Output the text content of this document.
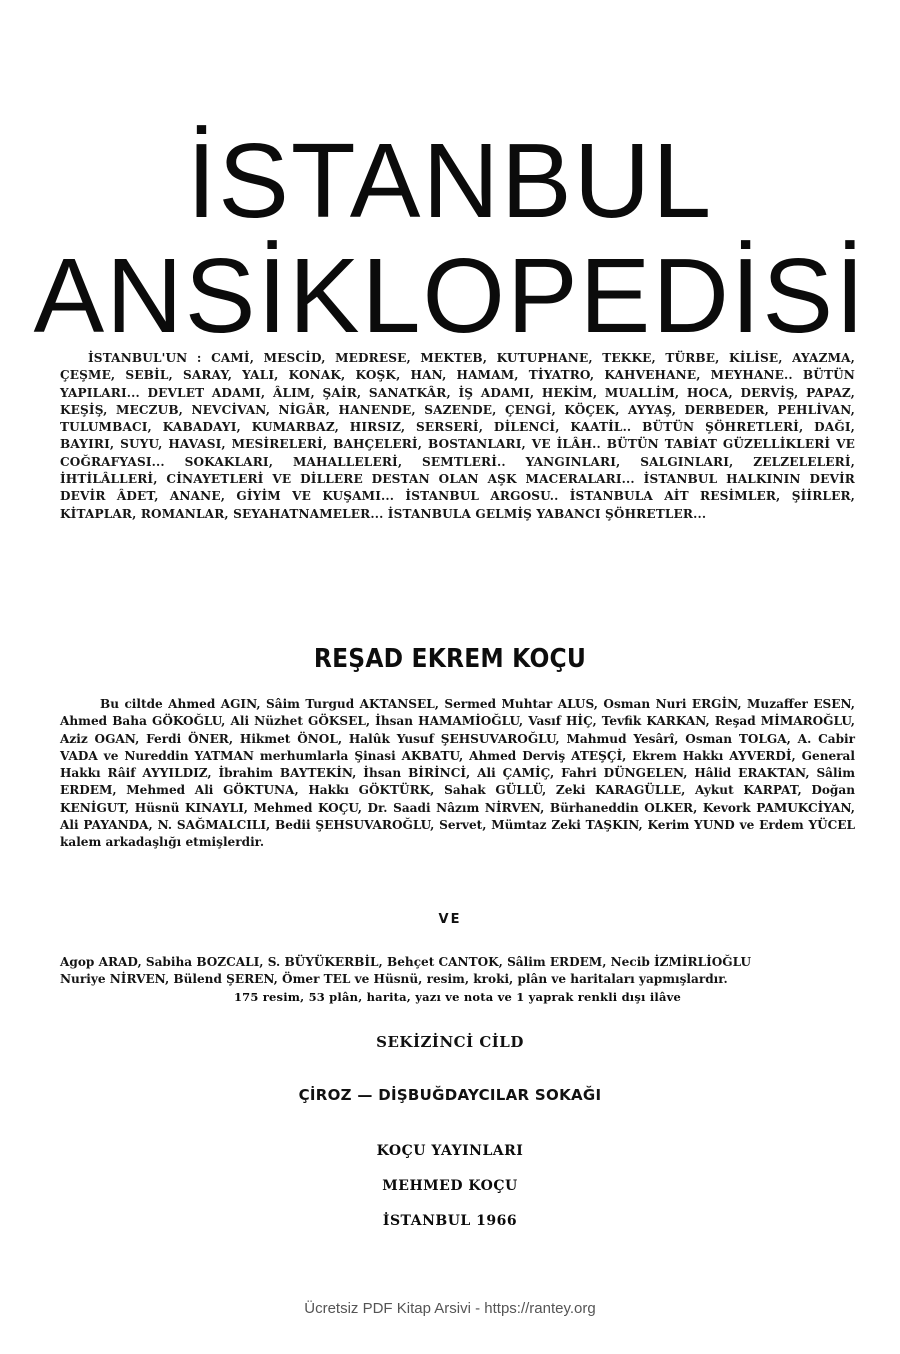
İSTANBUL
ANSİKLOPEDİSİ
İSTANBUL'UN : CAMİ, MESCİD, MEDRESE, MEKTEB, KUTUPHANE, TEKKE, TÜRBE, KİLİSE, AYAZMA, ÇEŞME, SEBİL, SARAY, YALI, KONAK, KOŞK, HAN, HAMAM, TİYATRO, KAHVEHANE, MEYHANE.. BÜTÜN YAPILARI... DEVLET ADAMI, ÂLIM, ŞAİR, SANATKÂR, İŞ ADAMI, HEKİM, MUALLİM, HOCA, DERVİŞ, PAPAZ, KEŞİŞ, MECZUB, NEVCİVAN, NİGÂR, HANENDE, SAZENDE, ÇENGİ, KÖÇEK, AYYAŞ, DERBEDER, PEHLİVAN, TULUMBACI, KABADAYI, KUMARBAZ, HIRSIZ, SERSERİ, DİLENCİ, KAATİL.. BÜTÜN ŞÖHRETLERİ, DAĞI, BAYIRI, SUYU, HAVASI, MESİRELERİ, BAHÇELERİ, BOSTANLARI, VE İLÂH.. BÜTÜN TABİAT GÜZELLİKLERİ VE COĞRAFYASI... SOKAKLARI, MAHALLELERİ, SEMTLERİ.. YANGINLARI, SALGINLARI, ZELZELELERİ, İHTİLÂLLERİ, CİNAYETLERİ VE DİLLERE DESTAN OLAN AŞK MACERALARI... İSTANBUL HALKININ DEVİR DEVİR ÂDET, ANANE, GİYİM VE KUŞAMI... İSTANBUL ARGOSU.. İSTANBULA AİT RESİMLER, ŞİİRLER, KİTAPLAR, ROMANLAR, SEYAHATNAMELER... İSTANBULA GELMİŞ YABANCI ŞÖHRETLER...
REŞAD EKREM KOÇU
Bu ciltde Ahmed AGIN, Sâim Turgud AKTANSEL, Sermed Muhtar ALUS, Osman Nuri ERGİN, Muzaffer ESEN, Ahmed Baha GÖKOĞLU, Ali Nüzhet GÖKSEL, İhsan HAMAMİOĞLU, Vasıf HİÇ, Tevfik KARKAN, Reşad MİMAROĞLU, Aziz OGAN, Ferdi ÖNER, Hikmet ÖNOL, Halûk Yusuf ŞEHSUVAROĞLU, Mahmud Yesârî, Osman TOLGA, A. Cabir VADA ve Nureddin YATMAN merhumlarla Şinasi AKBATU, Ahmed Derviş ATEŞÇİ, Ekrem Hakkı AYVERDİ, General Hakkı Râif AYYILDIZ, İbrahim BAYTEKİN, İhsan BİRİNCİ, Ali ÇAMİÇ, Fahri DÜNGELEN, Hâlid ERAKTAN, Sâlim ERDEM, Mehmed Ali GÖKTUNA, Hakkı GÖKTÜRK, Sahak GÜLLÜ, Zeki KARAGÜLLE, Aykut KARPAT, Doğan KENİGUT, Hüsnü KINAYLI, Mehmed KOÇU, Dr. Saadi Nâzım NİRVEN, Bürhaneddin OLKER, Kevork PAMUKCİYAN, Ali PAYANDA, N. SAĞMALCILI, Bedii ŞEHSUVAROĞLU, Servet, Mümtaz Zeki TAŞKIN, Kerim YUND ve Erdem YÜCEL kalem arkadaşlığı etmişlerdir.
VE
Agop ARAD, Sabiha BOZCALI, S. BÜYÜKERBİL, Behçet CANTOK, Sâlim ERDEM, Necib İZMİRLİOĞLU
Nuriye NİRVEN, Bülend ŞEREN, Ömer TEL ve Hüsnü, resim, kroki, plân ve haritaları yapmışlardır.
175 resim, 53 plân, harita, yazı ve nota ve 1 yaprak renkli dışı ilâve
SEKİZİNCİ CİLD
ÇİROZ — DİŞBUĞDAYCILAR SOKAĞI
KOÇU YAYINLARI
MEHMED KOÇU
İSTANBUL 1966
Ücretsiz PDF Kitap Arsivi - https://rantey.org
